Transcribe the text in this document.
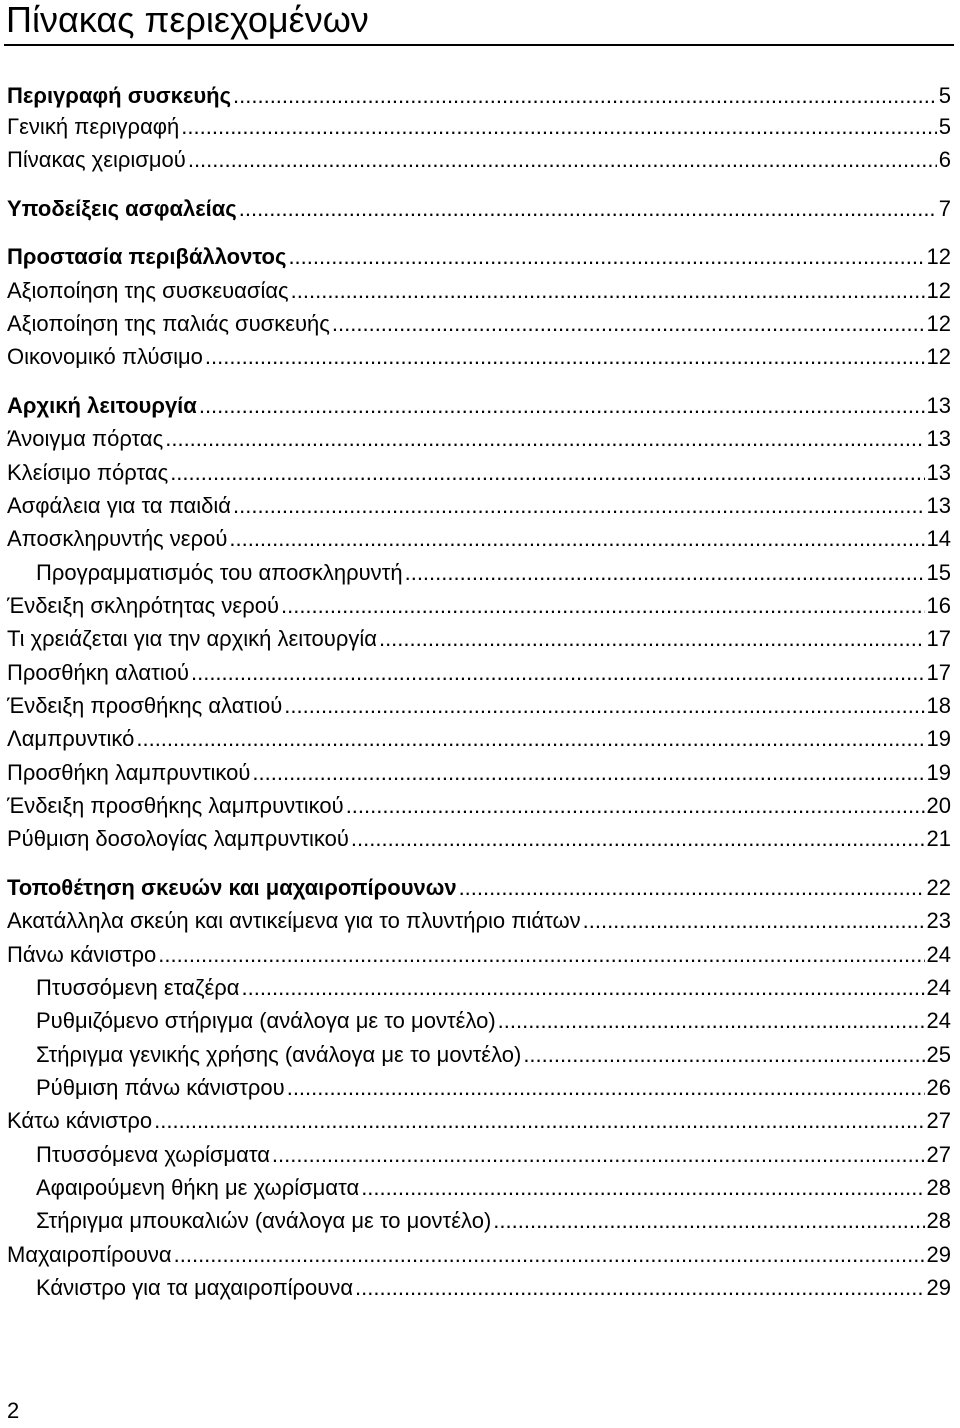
Πίνακας περιεχομένων
Περιγραφή συσκευής .....	5
Γενική περιγραφή .....	5
Πίνακας χειρισμού .....	6
Υποδείξεις ασφαλείας .....	7
Προστασία περιβάλλοντος .....	12
Αξιοποίηση της συσκευασίας .....	12
Αξιοποίηση της παλιάς συσκευής .....	12
Οικονομικό πλύσιμο .....	12
Αρχική λειτουργία .....	13
Άνοιγμα πόρτας .....	13
Κλείσιμο πόρτας .....	13
Ασφάλεια για τα παιδιά .....	13
Αποσκληρυντής νερού .....	14
Προγραμματισμός του αποσκληρυντή .....	15
Ένδειξη σκληρότητας νερού .....	16
Τι χρειάζεται για την αρχική λειτουργία .....	17
Προσθήκη αλατιού .....	17
Ένδειξη προσθήκης αλατιού .....	18
Λαμπρυντικό .....	19
Προσθήκη λαμπρυντικού .....	19
Ένδειξη προσθήκης λαμπρυντικού .....	20
Ρύθμιση δοσολογίας λαμπρυντικού .....	21
Τοποθέτηση σκευών και μαχαιροπίρουνων .....	22
Ακατάλληλα σκεύη και αντικείμενα για το πλυντήριο πιάτων .....	23
Πάνω κάνιστρο .....	24
Πτυσσόμενη εταζέρα .....	24
Ρυθμιζόμενο στήριγμα (ανάλογα με το μοντέλο) .....	24
Στήριγμα γενικής χρήσης (ανάλογα με το μοντέλο) .....	25
Ρύθμιση πάνω κάνιστρου .....	26
Κάτω κάνιστρο .....	27
Πτυσσόμενα χωρίσματα .....	27
Αφαιρούμενη θήκη με χωρίσματα .....	28
Στήριγμα μπουκαλιών (ανάλογα με το μοντέλο) .....	28
Μαχαιροπίρουνα .....	29
Κάνιστρο για τα μαχαιροπίρουνα .....	29
2
